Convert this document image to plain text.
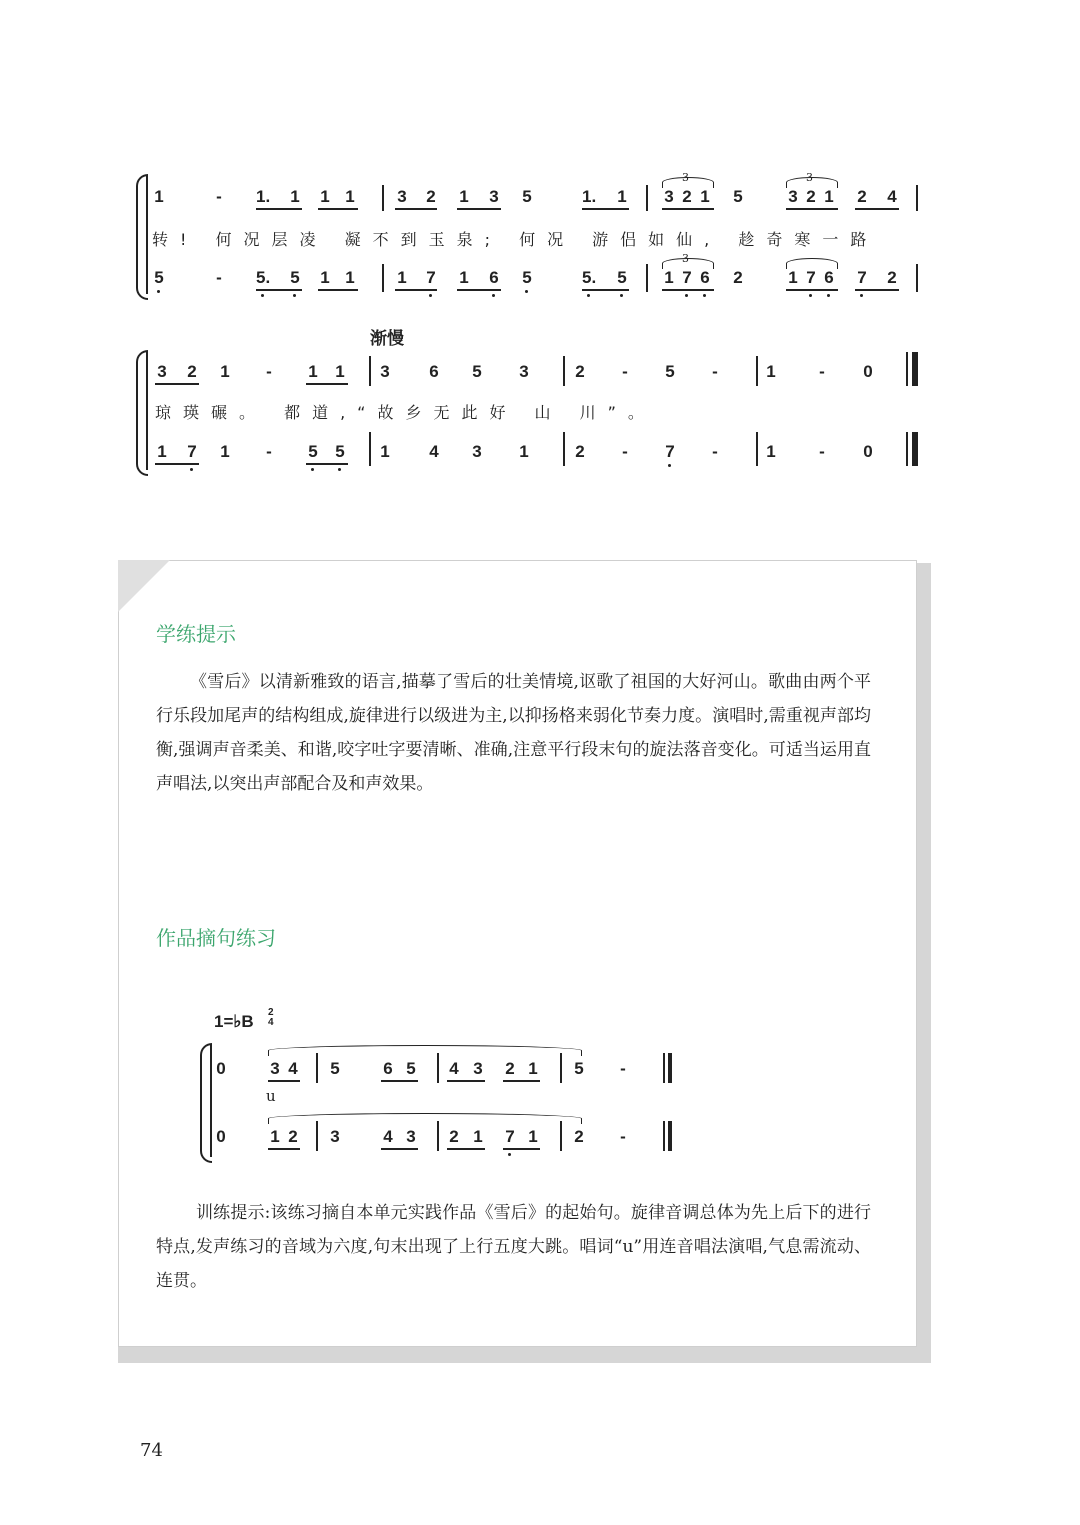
1	- 1. 1 1 1	3 2 1 3 5	1. 1
3
3 2 1 5
3
3 2 1 2 4
转! 何况层凌 凝不到玉泉; 何况 游侣如仙, 趁奇寒一路
5	- 5. 5 1 1	1 7 1 6 5	5. 5
3
1 7 6 2	1 7 6 7 2
渐慢
3 2 1 - 1 1 3 6 5 3	2 - 5 -	1	- 0
琼瑛碾。 都道,“故乡无此好 山 川”。
1 7 1 - 5 5 1 4 3 1	2 - 7 -	1	- 0
学练提示
《雪后》以清新雅致的语言,描摹了雪后的壮美情境,讴歌了祖国的大好河山。歌曲由两个平行乐段加尾声的结构组成,旋律进行以级进为主,以抑扬格来弱化节奏力度。演唱时,需重视声部均衡,强调声音柔美、和谐,咬字吐字要清晰、准确,注意平行段末句的旋法落音变化。可适当运用直声唱法,以突出声部配合及和声效果。
作品摘句练习
1=♭B 2
4
0	3 4 5	6 5 4 3 2 1 5 -
u
0	1 2 3	4 3 2 1 7 1 2 -
训练提示:该练习摘自本单元实践作品《雪后》的起始句。旋律音调总体为先上后下的进行特点,发声练习的音域为六度,句末出现了上行五度大跳。唱词“u”用连音唱法演唱,气息需流动、连贯。
74
